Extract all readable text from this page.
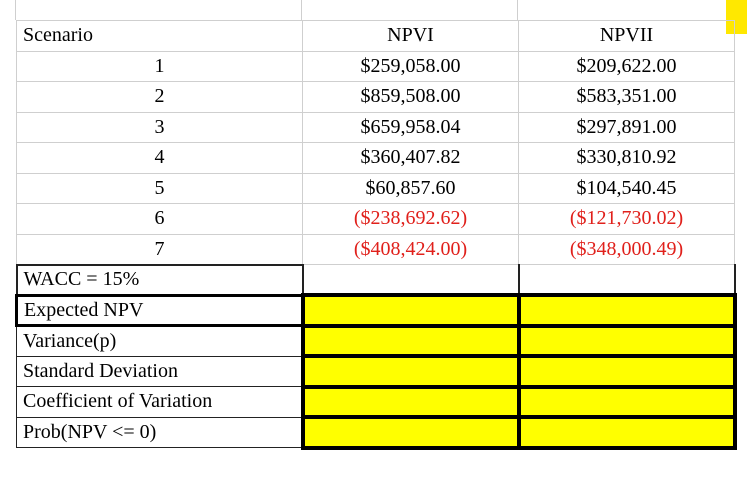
Scenario	NPVI	NPVII
1	$259,058.00	$209,622.00
2	$859,508.00	$583,351.00
3	$659,958.04	$297,891.00
4	$360,407.82	$330,810.92
5	$60,857.60	$104,540.45
6	($238,692.62)	($121,730.02)
7	($408,424.00)	($348,000.49)
WACC = 15%		
Expected NPV		
Variance(p)		
Standard Deviation		
Coefficient of Variation		
Prob(NPV <= 0)		
